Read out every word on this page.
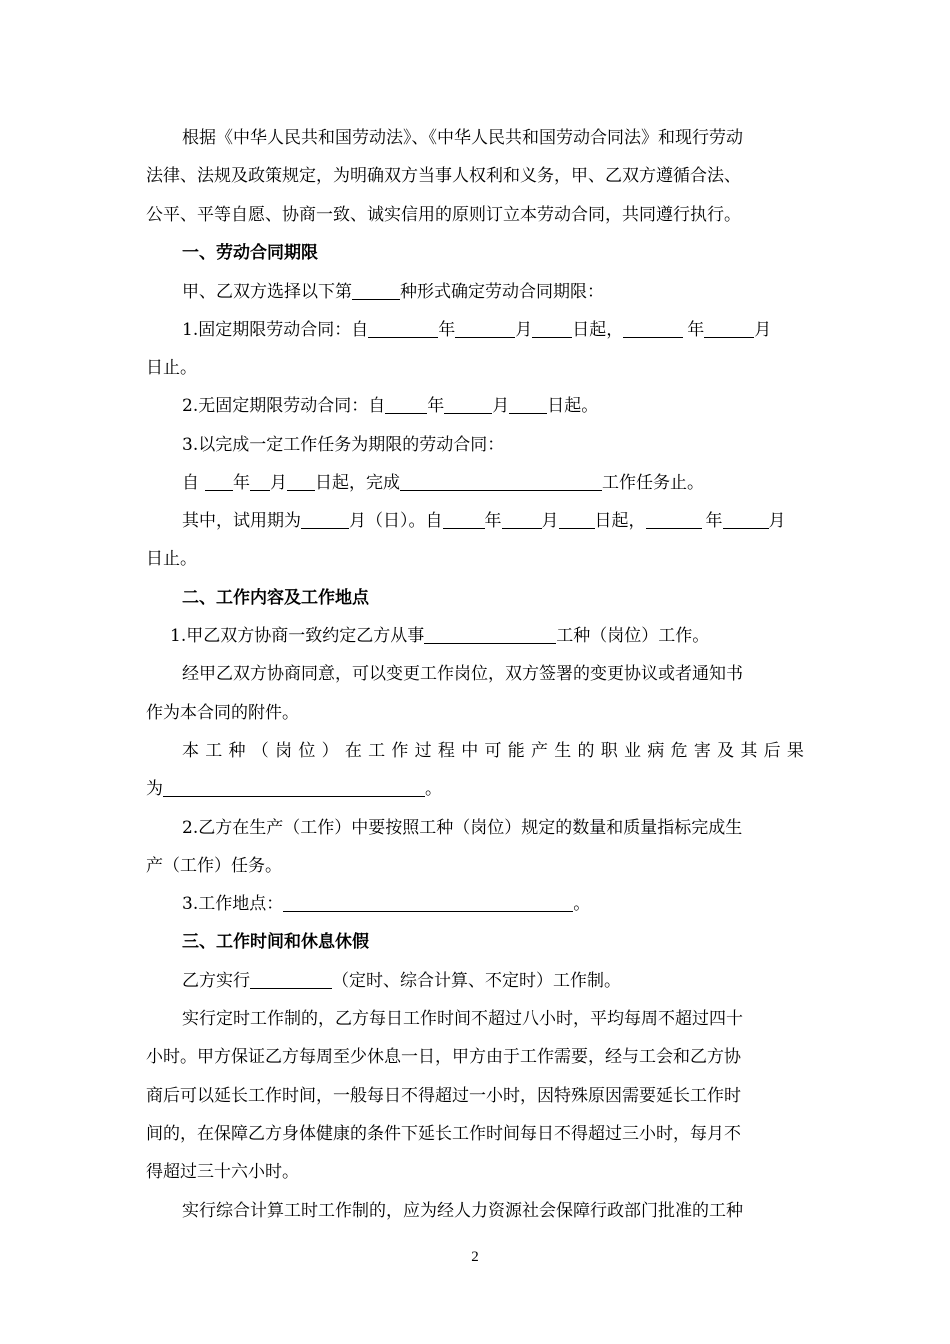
根据《中华人民共和国劳动法》、《中华人民共和国劳动合同法》和现行劳动
法律、法规及政策规定，为明确双方当事人权利和义务，甲、乙双方遵循合法、
公平、平等自愿、协商一致、诚实信用的原则订立本劳动合同，共同遵行执行。
一、劳动合同期限
甲、乙双方选择以下第	种形式确定劳动合同期限：
1.固定期限劳动合同：自	年	月 日起，	年	月
日止。
2.无固定期限劳动合同：自 年	月 日起。
3.以完成一定工作任务为期限的劳动合同：
自 年 月 日起，完成	工作任务止。
其中，试用期为	月（日）。自 年 月 日起，	年	月
日止。
二、工作内容及工作地点
1.甲乙双方协商一致约定乙方从事	工种（岗位）工作。
经甲乙双方协商同意，可以变更工作岗位，双方签署的变更协议或者通知书
作为本合同的附件。
本 工 种 （ 岗 位 ） 在 工 作 过 程 中 可 能 产 生 的 职 业 病 危 害 及 其 后 果
为	。
2.乙方在生产（工作）中要按照工种（岗位）规定的数量和质量指标完成生
产（工作）任务。
3.工作地点：	。
三、工作时间和休息休假
乙方实行	（定时、综合计算、不定时）工作制。
实行定时工作制的，乙方每日工作时间不超过八小时，平均每周不超过四十
小时。甲方保证乙方每周至少休息一日，甲方由于工作需要，经与工会和乙方协
商后可以延长工作时间，一般每日不得超过一小时，因特殊原因需要延长工作时
间的，在保障乙方身体健康的条件下延长工作时间每日不得超过三小时，每月不
得超过三十六小时。
实行综合计算工时工作制的，应为经人力资源社会保障行政部门批准的工种
2
